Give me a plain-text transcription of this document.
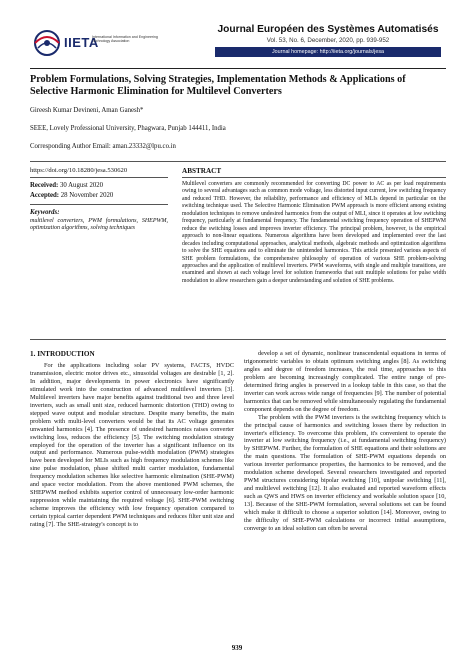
IIETA
International Information and Engineering Technology Association
Journal Européen des Systèmes Automatisés
Vol. 53, No. 6, December, 2020, pp. 939-952
Journal homepage: http://iieta.org/journals/jesa
Problem Formulations, Solving Strategies, Implementation Methods & Applications of Selective Harmonic Elimination for Multilevel Converters
Gireesh Kumar Devineni, Aman Ganesh*
SEEE, Lovely Professional University, Phagwara, Punjab 144411, India
Corresponding Author Email: aman.23332@lpu.co.in
https://doi.org/10.18280/jesa.530620
Received: 30 August 2020
Accepted: 28 November 2020
Keywords:
multilevel converters, PWM formulations, SHEPWM, optimization algorithms, solving techniques
ABSTRACT
Multilevel converters are commonly recommended for converting DC power to AC as per load requirements owing to several advantages such as common mode voltage, less distorted input current, low switching frequency and reduced THD. However, the reliability, performance and efficiency of MLIs depend in particular on the switching technique used. The Selective Harmonic Elimination PWM approach is more efficient among existing modulation techniques to remove undesired harmonics from the output of MLI, since it operates at low switching frequency, particularly at fundamental frequency. The fundamental switching frequency operation of SHEPWM reduce the switching losses and improves inverter efficiency. The principal problem, however, is the empirical approach to non-linear equations. Numerous algorithms have been developed and implemented over the last decades including computational approaches, analytical methods, algebraic methods and optimization algorithms to solve the SHE equations and to eliminate the unintended harmonics. This article presented various aspects of SHE problem formulations, the comprehensive philosophy of operation of various SHE problem-solving approaches and the application of multilevel inverters. PWM waveforms, with single and multiple transitions, are examined and shown at each voltage level for solution frameworks that suit multiple solutions for pulse width modulation to allow researchers gain a deeper understanding and solution of SHE problems.
1. INTRODUCTION

For the applications including solar PV systems, FACTS, HVDC transmission, electric motor drives etc., sinusoidal voltages are desirable [1, 2]. In addition, major developments in power electronics have significantly stimulated work into the construction of advanced multilevel inverters [3]. Multilevel inverters have major benefits against traditional two and three level inverters, such as small unit size, reduced harmonic distortion (THD) owing to stepped wave output and modular structure. Despite many benefits, the main problem with multi-level converters would be that its AC voltage generates unwanted harmonics [4]. The presence of undesired harmonics raises converter switching loss, reduces the efficiency [5]. The switching modulation strategy employed for the operation of the inverter has a significant influence on its output and performance. Numerous pulse-width modulation (PWM) strategies have been developed for MLIs such as high frequency modulation schemes like sine pulse modulation, phase shifted multi carrier modulation, fundamental frequency modulation schemes like selective harmonic elimination (SHE-PWM) and space vector modulation. From the above mentioned PWM schemes, the SHEPWM method exhibits superior control of unnecessary low-order harmonic suppression while maintaining the required voltage [6]. SHE-PWM switching scheme improves the efficiency with low frequency operation compared to certain typical carrier dependent PWM techniques and reduces filter unit size and rating [7]. The SHE-strategy's concept is to

develop a set of dynamic, nonlinear transcendental equations in terms of trigonometric variables to obtain optimum switching angles [8]. As switching angles and degree of freedom increases, the real time, approaches to this problem are becoming increasingly complicated. The entire range of pre-determined firing angles is preserved in a lookup table in this case, so that the inverter can work across wide range of frequencies [9]. The number of potential harmonics that can be removed while simultaneously regulating the fundamental component depends on the degree of freedom.

The problem with the PWM inverters is the switching frequency which is the principal cause of harmonics and switching losses there by reduction in inverter's efficiency. To overcome this problem, it's convenient to operate the inverter at low switching frequency (i.e., at fundamental switching frequency) by SHEPWM. Further, the formulation of SHE equations and their solutions are the main questions. The formulation of SHE-PWM equations depends on various inverter performance properties, the harmonics to be removed, and the modulation scheme developed. Several researchers investigated and reported PWM structures considering bipolar switching [10], unipolar switching [11], and multilevel switching [12]. It also evaluated and reported waveform effects such as QWS and HWS on inverter efficiency and workable solution space [10, 13]. Because of the SHE-PWM formulation, several solutions set can be found which make it difficult to choose a superior solution [14]. Moreover, owing to the difficulty of SHE-PWM calculations or incorrect initial assumptions, converge to an ideal solution can often be several

939
